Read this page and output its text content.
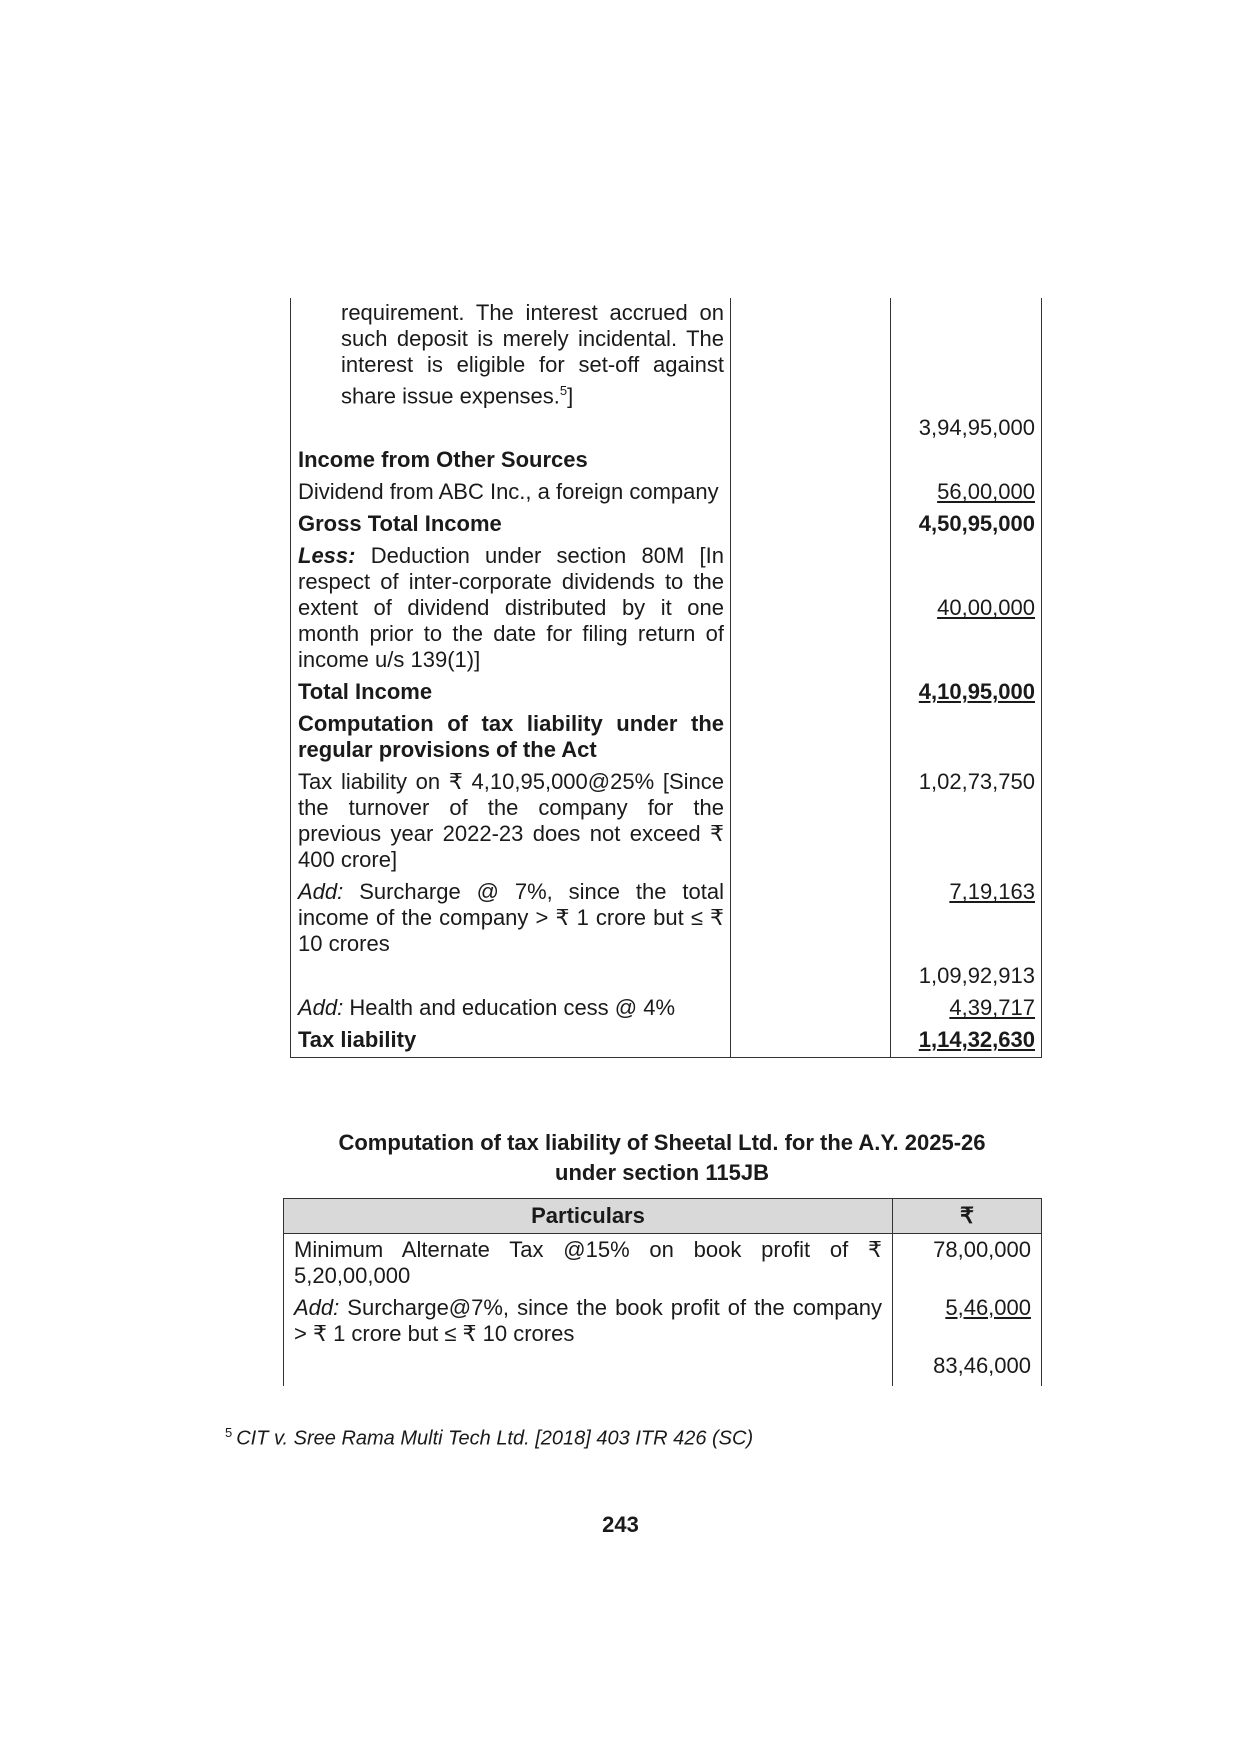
requirement. The interest accrued on such deposit is merely incidental. The interest is eligible for set-off against share issue expenses.$^5$]		
		3,94,95,000
Income from Other Sources		
Dividend from ABC Inc., a foreign company		56,00,000
Gross Total Income		4,50,95,000
Less: Deduction under section 80M [In respect of inter-corporate dividends to the extent of dividend distributed by it one month prior to the date for filing return of income u/s 139(1)]		40,00,000
Total Income		4,10,95,000
Computation of tax liability under the regular provisions of the Act		
Tax liability on ₹ 4,10,95,000@25% [Since the turnover of the company for the previous year 2022-23 does not exceed ₹ 400 crore]		1,02,73,750
Add: Surcharge @ 7%, since the total income of the company > ₹ 1 crore but ≤ ₹ 10 crores		7,19,163
		1,09,92,913
Add: Health and education cess @ 4%		4,39,717
Tax liability		1,14,32,630
Computation of tax liability of Sheetal Ltd. for the A.Y. 2025-26
under section 115JB
Particulars	₹
Minimum Alternate Tax @15% on book profit of ₹ 5,20,00,000	78,00,000
Add: Surcharge@7%, since the book profit of the company > ₹ 1 crore but ≤ ₹ 10 crores	5,46,000
	83,46,000
$^5$ CIT v. Sree Rama Multi Tech Ltd. [2018] 403 ITR 426 (SC)
243
